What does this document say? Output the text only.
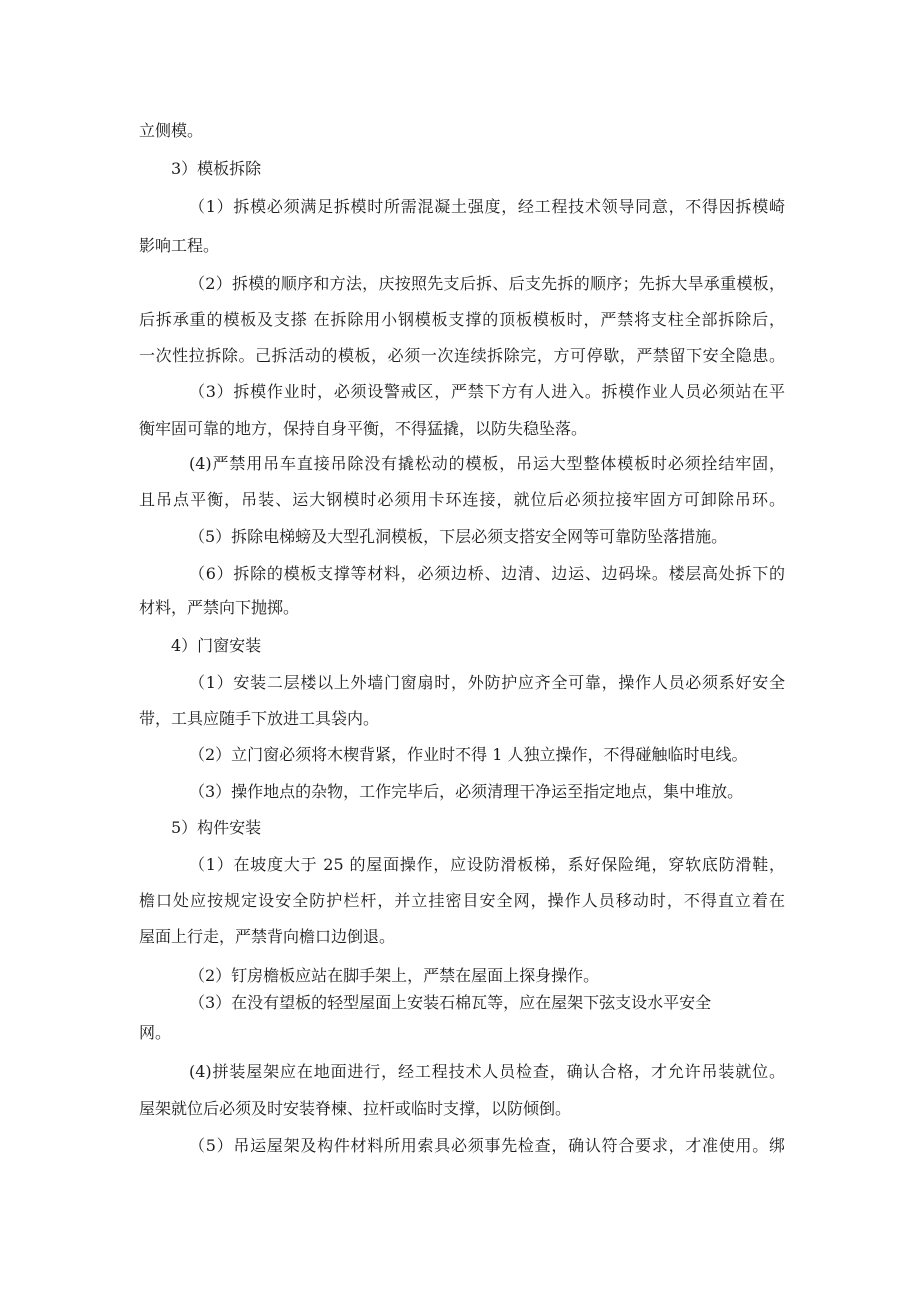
立侧模。

3）模板拆除

（1）拆模必须满足拆模时所需混凝土强度，经工程技术领导同意，不得因拆模崎

影响工程。

（2）拆模的顺序和方法，庆按照先支后拆、后支先拆的顺序；先拆大旱承重模板，

后拆承重的模板及支搽 在拆除用小钢模板支撑的顶板模板时，严禁将支柱全部拆除后，

一次性拉拆除。己拆活动的模板，必须一次连续拆除完，方可停歇，严禁留下安全隐患。

（3）拆模作业时，必须设警戒区，严禁下方有人进入。拆模作业人员必须站在平

衡牢固可靠的地方，保持自身平衡，不得猛撬，以防失稳坠落。

(4)严禁用吊车直接吊除没有撬松动的模板，吊运大型整体模板时必须拴结牢固，

且吊点平衡，吊装、运大钢模时必须用卡环连接，就位后必须拉接牢固方可卸除吊环。

（5）拆除电梯螃及大型孔洞模板，下层必须支搭安全网等可靠防坠落措施。

（6）拆除的模板支撑等材料，必须边桥、边清、边运、边码垛。楼层高处拆下的

材料，严禁向下抛掷。

4）门窗安装

（1）安装二层楼以上外墙门窗扇时，外防护应齐全可靠，操作人员必须系好安全

带，工具应随手下放进工具袋内。

（2）立门窗必须将木楔背紧，作业时不得 1 人独立操作，不得碰触临时电线。

（3）操作地点的杂物，工作完毕后，必须清理干净运至指定地点，集中堆放。

5）构件安装

（1）在坡度大于 25 的屋面操作，应设防滑板梯，系好保险绳，穿软底防滑鞋，

檐口处应按规定设安全防护栏杆，并立挂密目安全网，操作人员移动时，不得直立着在

屋面上行走，严禁背向檐口边倒退。

（2）钉房檐板应站在脚手架上，严禁在屋面上探身操作。

（3）在没有望板的轻型屋面上安装石棉瓦等，应在屋架下弦支设水平安全

网。

(4)拼装屋架应在地面进行，经工程技术人员检查，确认合格，才允许吊装就位。

屋架就位后必须及时安装脊楝、拉杆或临时支撑，以防倾倒。

（5）吊运屋架及构件材料所用索具必须事先检查，确认符合要求，才准使用。绑
